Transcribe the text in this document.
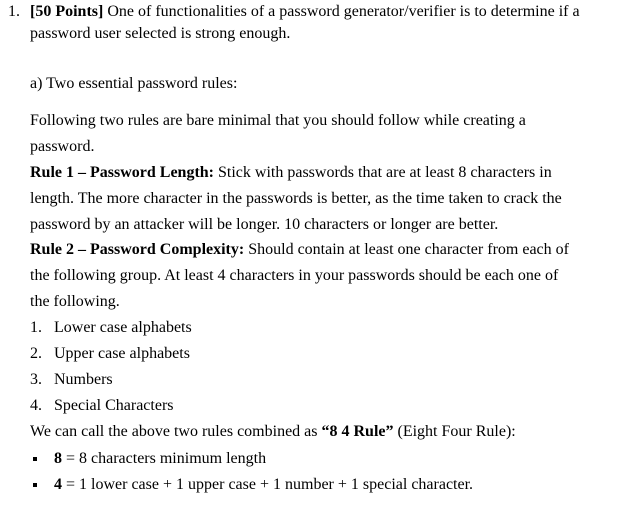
1. [50 Points] One of functionalities of a password generator/verifier is to determine if a
password user selected is strong enough.
a) Two essential password rules:
Following two rules are bare minimal that you should follow while creating a
password.
Rule 1 – Password Length: Stick with passwords that are at least 8 characters in
length. The more character in the passwords is better, as the time taken to crack the
password by an attacker will be longer. 10 characters or longer are better.
Rule 2 – Password Complexity: Should contain at least one character from each of
the following group. At least 4 characters in your passwords should be each one of
the following.
1. Lower case alphabets
2. Upper case alphabets
3. Numbers
4. Special Characters
We can call the above two rules combined as “8 4 Rule” (Eight Four Rule):
8 = 8 characters minimum length
4 = 1 lower case + 1 upper case + 1 number + 1 special character.
